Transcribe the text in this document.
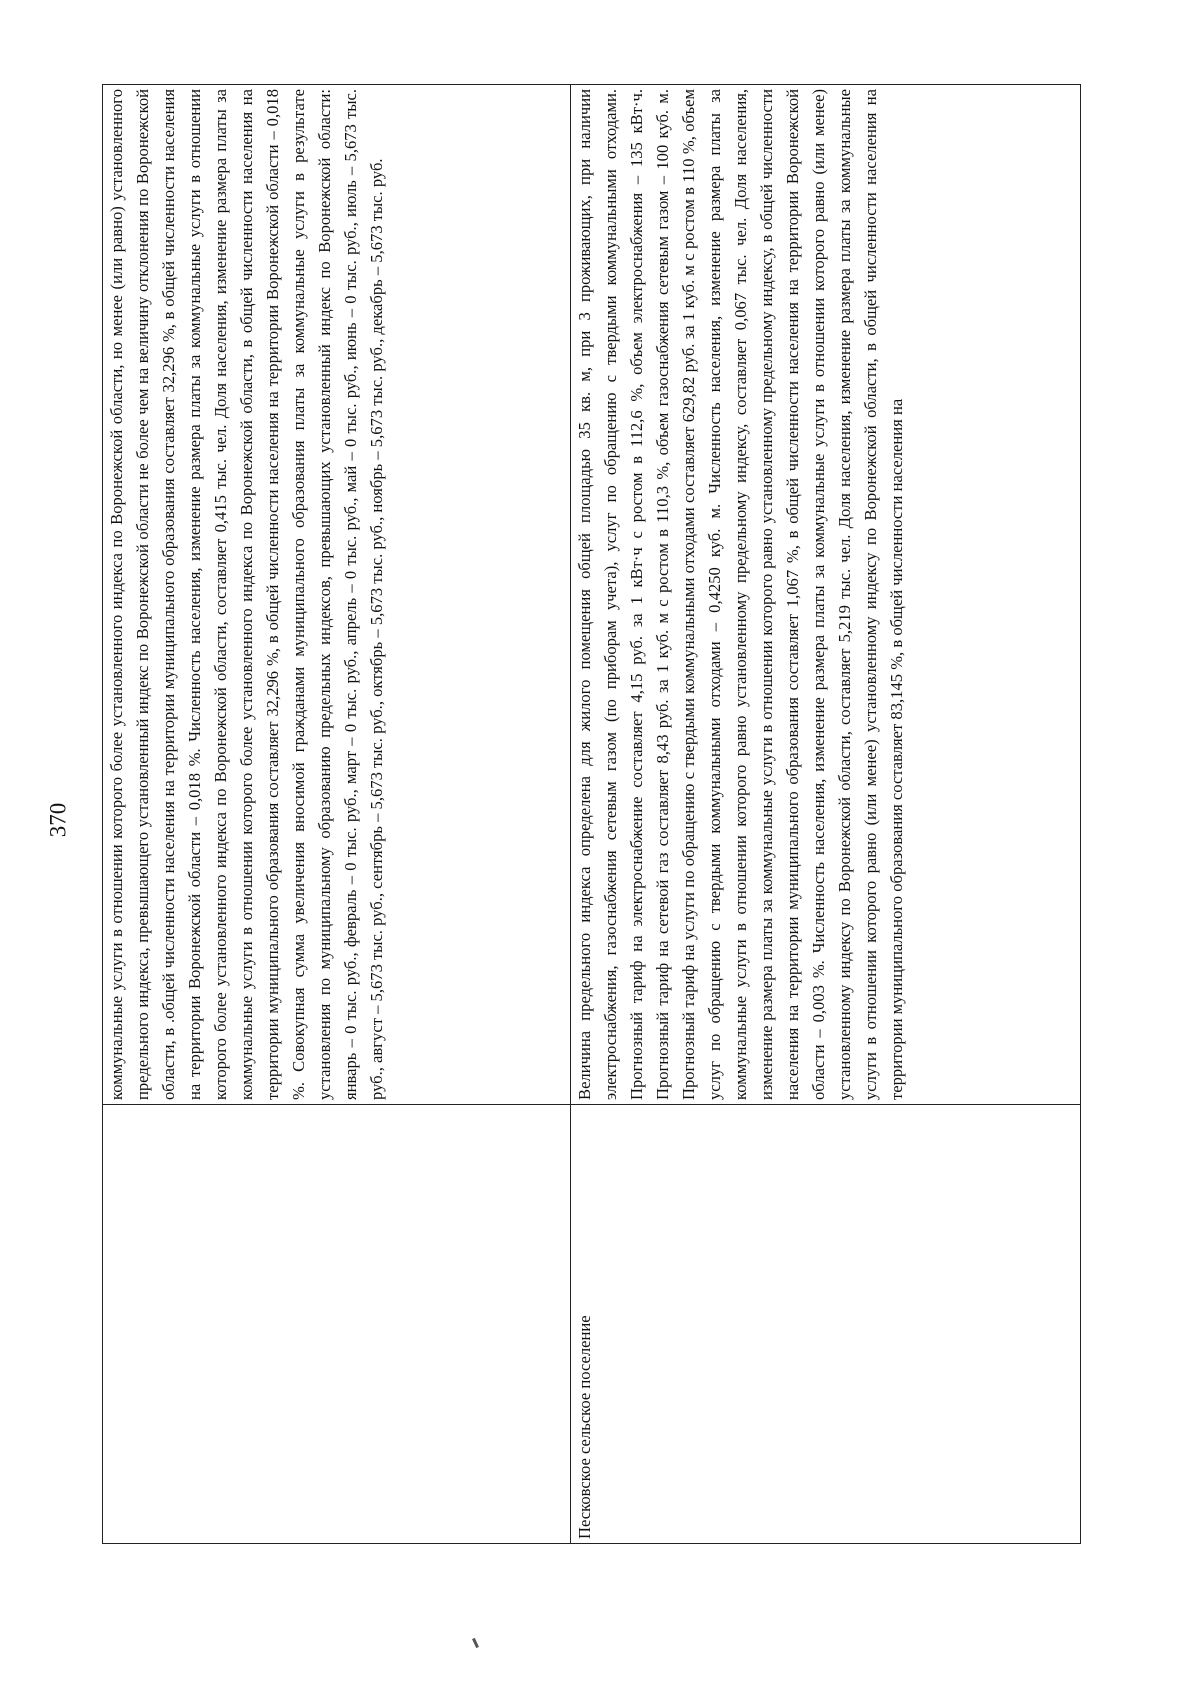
370
	коммунальные услуги в отношении которого более установленного индекса по Воронежской области, но менее (или равно) установленного предельного индекса, превышающего установленный индекс по Воронежской области не более чем на величину отклонения по Воронежской области, в .общей численности населения на территории муниципального образования составляет 32,296 %, в общей численности населения на территории Воронежской области – 0,018 %. Численность населения, изменение размера платы за коммунальные услуги в отношении которого более установленного индекса по Воронежской области, составляет 0,415 тыс. чел. Доля населения, изменение размера платы за коммунальные услуги в отношении которого более установленного индекса по Воронежской области, в общей численности населения на территории муниципального образования составляет 32,296 %, в общей численности населения на территории Воронежской области – 0,018 %. Совокупная сумма увеличения вносимой гражданами муниципального образования платы за коммунальные услуги в результате установления по муниципальному образованию предельных индексов, превышающих установленный индекс по Воронежской области: январь – 0 тыс. руб., февраль – 0 тыс. руб., март – 0 тыс. руб., апрель – 0 тыс. руб., май – 0 тыс. руб., июнь – 0 тыс. руб., июль – 5,673 тыс. руб., август – 5,673 тыс. руб., сентябрь – 5,673 тыс. руб., октябрь – 5,673 тыс. руб., ноябрь – 5,673 тыс. руб., декабрь – 5,673 тыс. руб.
Песковское сельское поселение	Величина предельного индекса определена для жилого помещения общей площадью 35 кв. м, при 3 проживающих, при наличии электроснабжения, газоснабжения сетевым газом (по приборам учета), услуг по обращению с твердыми коммунальными отходами. Прогнозный тариф на электроснабжение составляет 4,15 руб. за 1 кВт·ч с ростом в 112,6 %, объем электроснабжения – 135 кВт·ч. Прогнозный тариф на сетевой газ составляет 8,43 руб. за 1 куб. м с ростом в 110,3 %, объем газоснабжения сетевым газом – 100 куб. м. Прогнозный тариф на услуги по обращению с твердыми коммунальными отходами составляет 629,82 руб. за 1 куб. м с ростом в 110 %, объем услуг по обращению с твердыми коммунальными отходами – 0,4250 куб. м. Численность населения, изменение размера платы за коммунальные услуги в отношении которого равно установленному предельному индексу, составляет 0,067 тыс. чел. Доля населения, изменение размера платы за коммунальные услуги в отношении которого равно установленному предельному индексу, в общей численности населения на территории муниципального образования составляет 1,067 %, в общей численности населения на территории Воронежской области – 0,003 %. Численность населения, изменение размера платы за коммунальные услуги в отношении которого равно (или менее) установленному индексу по Воронежской области, составляет 5,219 тыс. чел. Доля населения, изменение размера платы за коммунальные услуги в отношении которого равно (или менее) установленному индексу по Воронежской области, в общей численности населения на территории муниципального образования составляет 83,145 %, в общей численности населения на
